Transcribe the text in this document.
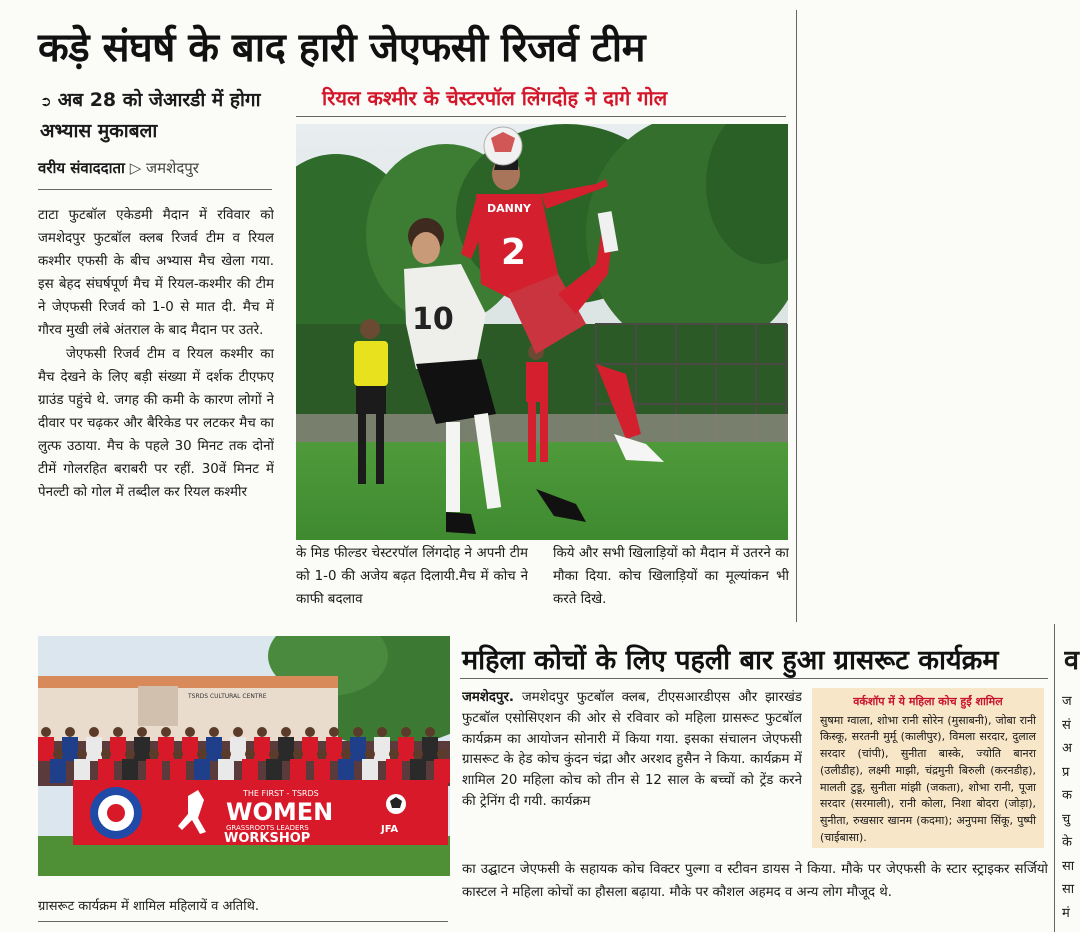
कड़े संघर्ष के बाद हारी जेएफसी रिजर्व टीम
➲ अब 28 को जेआरडी में होगा अभ्यास मुकाबला
रियल कश्मीर के चेस्टरपॉल लिंगदोह ने दागे गोल
वरीय संवाददाता ▷ जमशेदपुर

टाटा फुटबॉल एकेडमी मैदान में रविवार को जमशेदपुर फुटबॉल क्लब रिजर्व टीम व रियल कश्मीर एफसी के बीच अभ्यास मैच खेला गया. इस बेहद संघर्षपूर्ण मैच में रियल-कश्मीर की टीम ने जेएफसी रिजर्व को 1-0 से मात दी. मैच में गौरव मुखी लंबे अंतराल के बाद मैदान पर उतरे.

जेएफसी रिजर्व टीम व रियल कश्मीर का मैच देखने के लिए बड़ी संख्या में दर्शक टीएफए ग्राउंड पहुंचे थे. जगह की कमी के कारण लोगों ने दीवार पर चढ़कर और बैरिकेड पर लटकर मैच का लुत्फ उठाया. मैच के पहले 30 मिनट तक दोनों टीमें गोलरहित बराबरी पर रहीं. 30वें मिनट में पेनल्टी को गोल में तब्दील कर रियल कश्मीर

10
DANNY
2

के मिड फील्डर चेस्टरपॉल लिंगदोह ने अपनी टीम को 1-0 की अजेय बढ़त दिलायी.मैच में कोच ने काफी बदलाव

किये और सभी खिलाड़ियों को मैदान में उतरने का मौका दिया. कोच खिलाड़ियों का मूल्यांकन भी करते दिखे.

TSRDS CULTURAL CENTRE
THE FIRST - TSRDS
WOMEN
GRASSROOTS LEADERS
WORKSHOP
JFA
ग्रासरूट कार्यक्रम में शामिल महिलायें व अतिथि.
महिला कोचों के लिए पहली बार हुआ ग्रासरूट कार्यक्रम

जमशेदपुर. जमशेदपुर फुटबॉल क्लब, टीएसआरडीएस और झारखंड फुटबॉल एसोसिएशन की ओर से रविवार को महिला ग्रासरूट फुटबॉल कार्यक्रम का आयोजन सोनारी में किया गया. इसका संचालन जेएफसी ग्रासरूट के हेड कोच कुंदन चंद्रा और अरशद हुसैन ने किया. कार्यक्रम में शामिल 20 महिला कोच को तीन से 12 साल के बच्चों को ट्रेंड करने की ट्रेनिंग दी गयी. कार्यक्रम

वर्कशॉप में ये महिला कोच हुईं शामिल
सुषमा ग्वाला, शोभा रानी सोरेन (मुसाबनी), जोबा रानी किस्कू, सरतनी मुर्मू (कालीपुर), विमला सरदार, दुलाल सरदार (चांपी), सुनीता बास्के, ज्योति बानरा (उलीडीह), लक्ष्मी माझी, चंद्रमुनी बिरुली (करनडीह), मालती टुडू, सुनीता मांझी (जकता), शोभा रानी, पूजा सरदार (सरमाली), रानी कोला, निशा बोदरा (जोड़ा), सुनीता, रुखसार खानम (कदमा); अनुपमा सिंकू, पुष्पी (चाईबासा).

का उद्घाटन जेएफसी के सहायक कोच विक्टर पुल्गा व स्टीवन डायस ने किया. मौके पर जेएफसी के स्टार स्ट्राइकर सर्जियो कास्टल ने महिला कोचों का हौसला बढ़ाया. मौके पर कौशल अहमद व अन्य लोग मौजूद थे.

व
ज
सं
अ
प्र
क
चु
के
सा
सा
मं
